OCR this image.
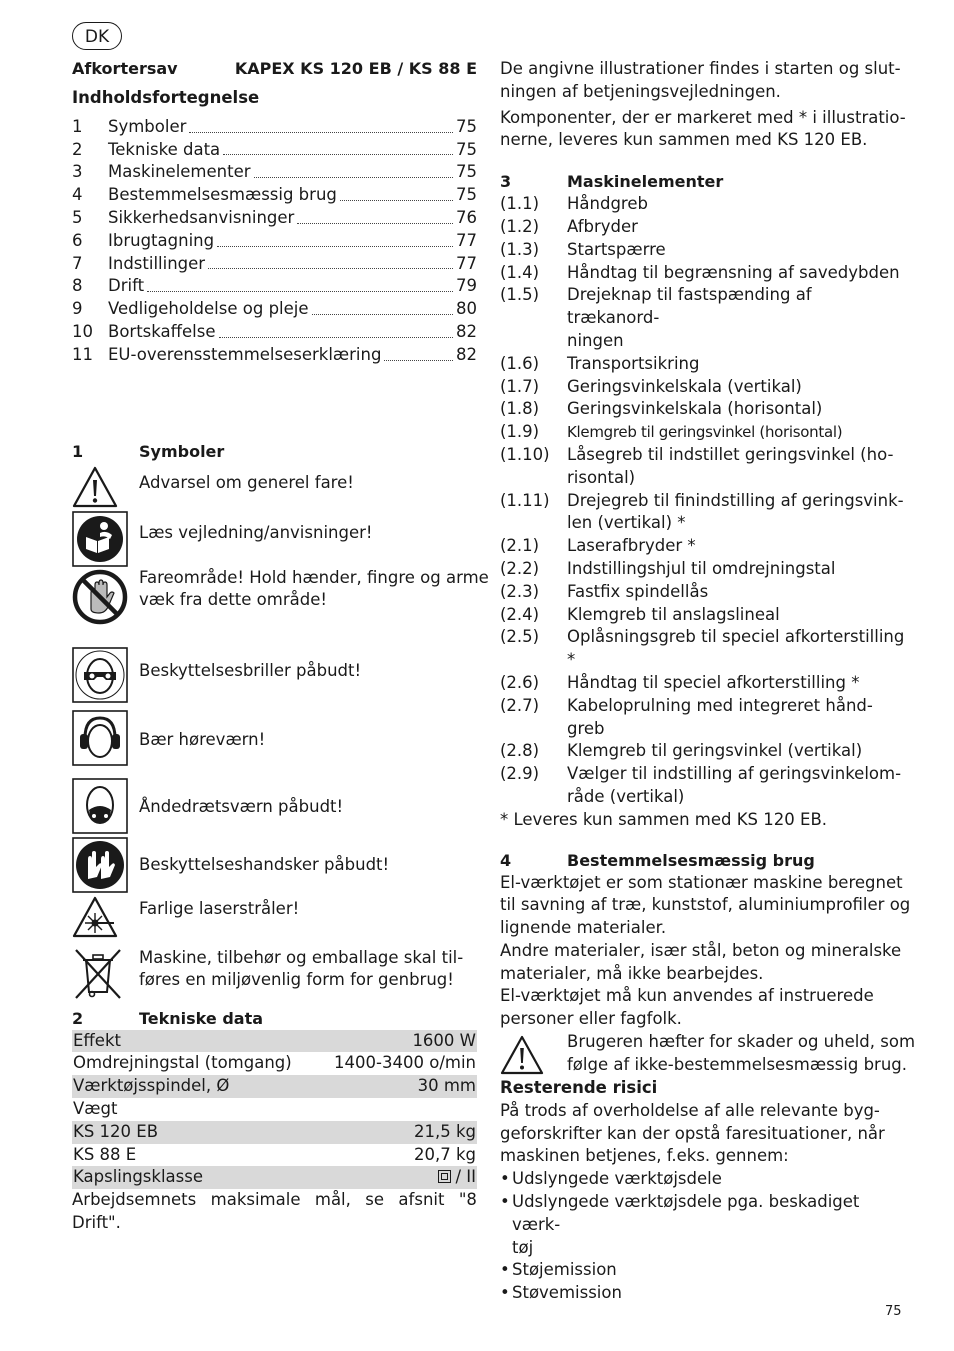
DK
Afkortersav	KAPEX KS 120 EB / KS 88 E
Indholdsfortegnelse
1	Symboler	75
2	Tekniske data	75
3	Maskinelementer	75
4	Bestemmelsesmæssig brug	75
5	Sikkerhedsanvisninger	76
6	Ibrugtagning	77
7	Indstillinger	77
8	Drift	79
9	Vedligeholdelse og pleje	80
10 Bortskaffelse	82
11 EU-overensstemmelseserklæring	82
1	Symboler
Advarsel om generel fare!
Læs vejledning/anvisninger!
Fareområde! Hold hænder, fingre og arme
væk fra dette område!
Beskyttelsesbriller påbudt!
Bær høreværn!
Åndedrætsværn påbudt!
Beskyttelseshandsker påbudt!
Farlige laserstråler!
Maskine, tilbehør og emballage skal til-
føres en miljøvenlig form for genbrug!
2	Tekniske data
Effekt	1600 W
Omdrejningstal (tomgang)	1400-3400 o/min
Værktøjsspindel, Ø	30 mm
Vægt
KS 120 EB	21,5 kg
KS 88 E	20,7 kg
Kapslingsklasse	/ II
Arbejdsemnets maksimale mål, se afsnit "8
Drift".
De angivne illustrationer findes i starten og slut-
ningen af betjeningsvejledningen.
Komponenter, der er markeret med * i illustratio-
nerne, leveres kun sammen med KS 120 EB.
3	Maskinelementer
(1.1)	Håndgreb
(1.2)	Afbryder
(1.3)	Startspærre
(1.4)	Håndtag til begrænsning af savedybden
(1.5)	Drejeknap til fastspænding af trækanord-
ningen
(1.6)	Transportsikring
(1.7)	Geringsvinkelskala (vertikal)
(1.8)	Geringsvinkelskala (horisontal)
(1.9)	Klemgreb til geringsvinkel (horisontal)
(1.10)	Låsegreb til indstillet geringsvinkel (ho-
risontal)
(1.11)	Drejegreb til finindstilling af geringsvink-
len (vertikal) *
(2.1)	Laserafbryder *
(2.2)	Indstillingshjul til omdrejningstal
(2.3)	Fastfix spindellås
(2.4)	Klemgreb til anslagslineal
(2.5)	Oplåsningsgreb til speciel afkorterstilling
*
(2.6)	Håndtag til speciel afkorterstilling *
(2.7)	Kabeloprulning med integreret hånd-
greb
(2.8)	Klemgreb til geringsvinkel (vertikal)
(2.9)	Vælger til indstilling af geringsvinkelom-
råde (vertikal)
* Leveres kun sammen med KS 120 EB.
4	Bestemmelsesmæssig brug
El-værktøjet er som stationær maskine beregnet
til savning af træ, kunststof, aluminiumprofiler og
lignende materialer.
Andre materialer, især stål, beton og mineralske
materialer, må ikke bearbejdes.
El-værktøjet må kun anvendes af instruerede
personer eller fagfolk.
Brugeren hæfter for skader og uheld, som
følge af ikke-bestemmelsesmæssig brug.
Resterende risici
På trods af overholdelse af alle relevante byg-
geforskrifter kan der opstå faresituationer, når
maskinen betjenes, f.eks. gennem:
• Udslyngede værktøjsdele
• Udslyngede værktøjsdele pga. beskadiget værk-
tøj
• Støjemission
• Støvemission
75
